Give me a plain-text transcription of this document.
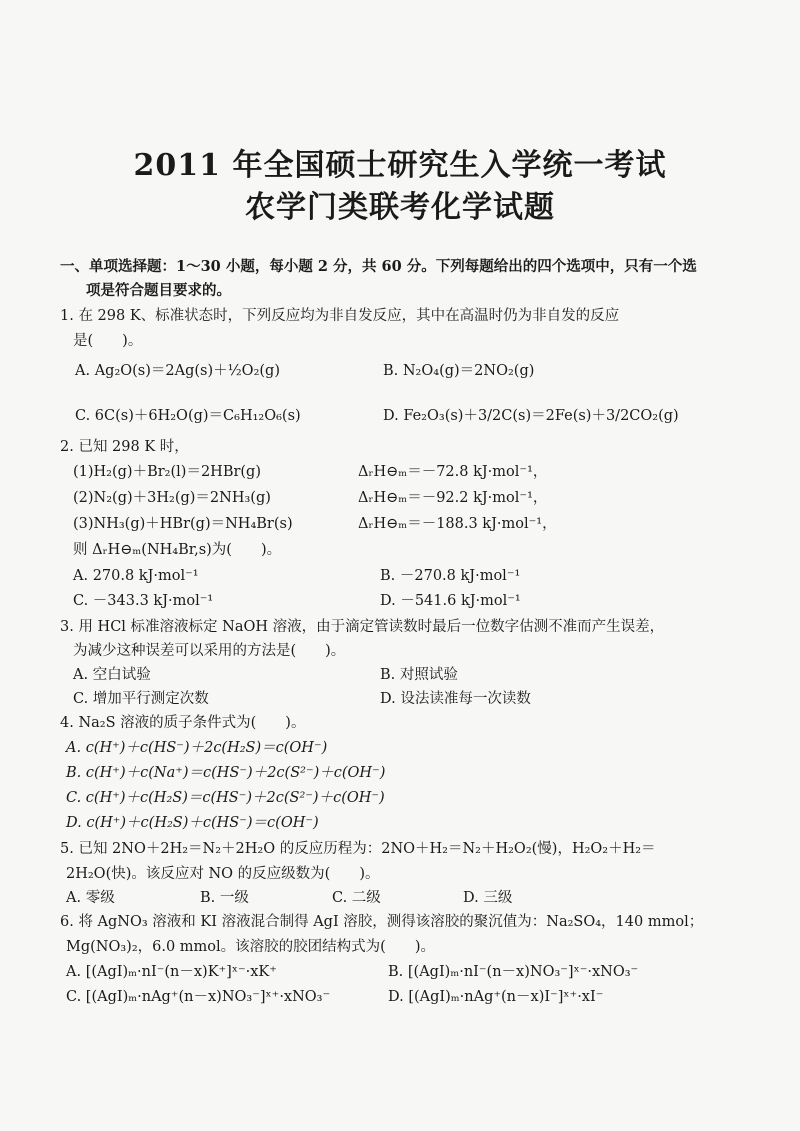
2011 年全国硕士研究生入学统一考试
农学门类联考化学试题
一、单项选择题：1～30 小题，每小题 2 分，共 60 分。下列每题给出的四个选项中，只有一个选
项是符合题目要求的。
1. 在 298 K、标准状态时，下列反应均为非自发反应，其中在高温时仍为非自发的反应
是(　　)。
A. Ag₂O(s)＝2Ag(s)＋½O₂(g)	B. N₂O₄(g)＝2NO₂(g)
C. 6C(s)＋6H₂O(g)＝C₆H₁₂O₆(s)	D. Fe₂O₃(s)＋3/2C(s)＝2Fe(s)＋3/2CO₂(g)
2. 已知 298 K 时，
(1)H₂(g)＋Br₂(l)＝2HBr(g)	ΔᵣH⊖ₘ＝－72.8 kJ·mol⁻¹，
(2)N₂(g)＋3H₂(g)＝2NH₃(g)	ΔᵣH⊖ₘ＝－92.2 kJ·mol⁻¹，
(3)NH₃(g)＋HBr(g)＝NH₄Br(s)	ΔᵣH⊖ₘ＝－188.3 kJ·mol⁻¹，
则 ΔᵣH⊖ₘ(NH₄Br,s)为(　　)。
A. 270.8 kJ·mol⁻¹	B. －270.8 kJ·mol⁻¹
C. －343.3 kJ·mol⁻¹	D. －541.6 kJ·mol⁻¹
3. 用 HCl 标准溶液标定 NaOH 溶液，由于滴定管读数时最后一位数字估测不准而产生误差，
为减少这种误差可以采用的方法是(　　)。
A. 空白试验	B. 对照试验
C. 增加平行测定次数	D. 设法读准每一次读数
4. Na₂S 溶液的质子条件式为(　　)。
A. c(H⁺)＋c(HS⁻)＋2c(H₂S)＝c(OH⁻)
B. c(H⁺)＋c(Na⁺)＝c(HS⁻)＋2c(S²⁻)＋c(OH⁻)
C. c(H⁺)＋c(H₂S)＝c(HS⁻)＋2c(S²⁻)＋c(OH⁻)
D. c(H⁺)＋c(H₂S)＋c(HS⁻)＝c(OH⁻)
5. 已知 2NO＋2H₂＝N₂＋2H₂O 的反应历程为：2NO＋H₂＝N₂＋H₂O₂(慢)，H₂O₂＋H₂＝
2H₂O(快)。该反应对 NO 的反应级数为(　　)。
A. 零级	B. 一级	C. 二级	D. 三级
6. 将 AgNO₃ 溶液和 KI 溶液混合制得 AgI 溶胶，测得该溶胶的聚沉值为：Na₂SO₄，140 mmol；
Mg(NO₃)₂，6.0 mmol。该溶胶的胶团结构式为(　　)。
A. [(AgI)ₘ·nI⁻(n－x)K⁺]ˣ⁻·xK⁺	B. [(AgI)ₘ·nI⁻(n－x)NO₃⁻]ˣ⁻·xNO₃⁻
C. [(AgI)ₘ·nAg⁺(n－x)NO₃⁻]ˣ⁺·xNO₃⁻	D. [(AgI)ₘ·nAg⁺(n－x)I⁻]ˣ⁺·xI⁻
